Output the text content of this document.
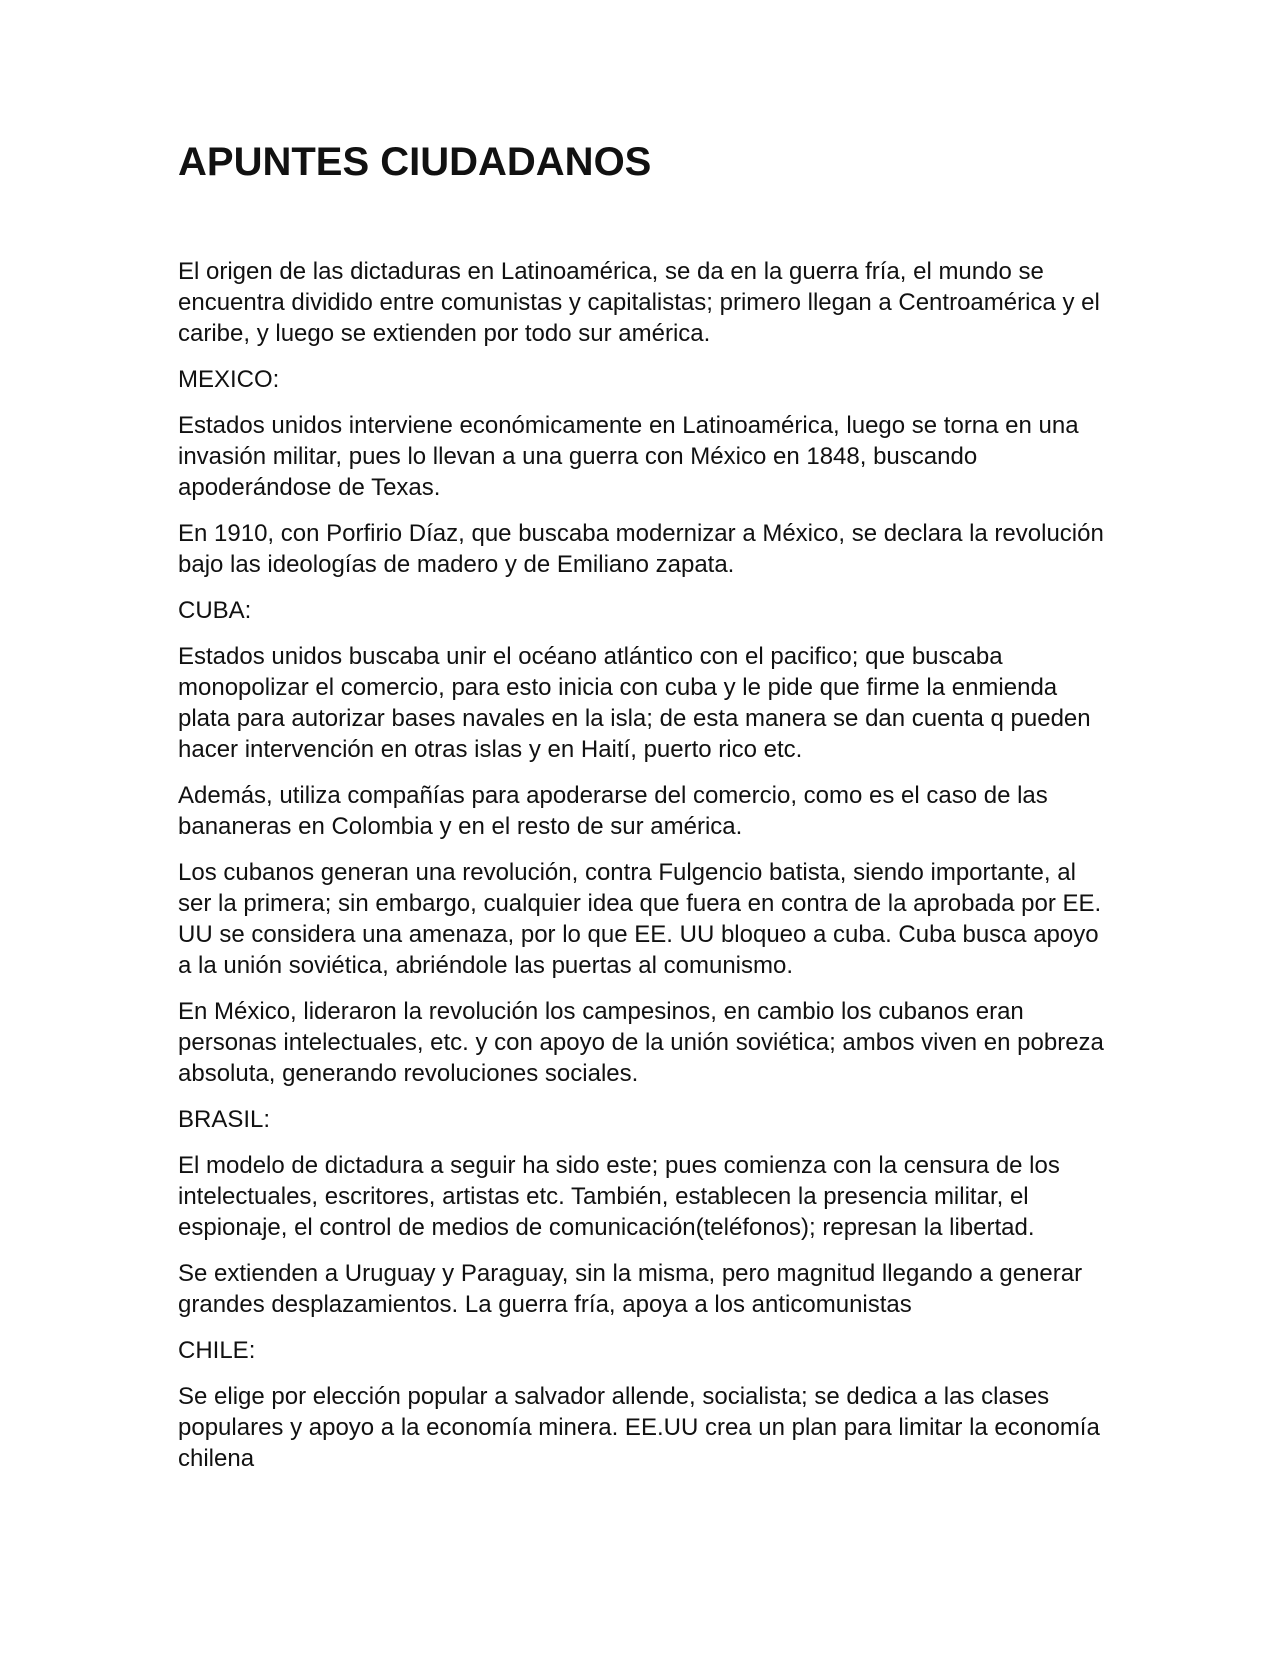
APUNTES CIUDADANOS

El origen de las dictaduras en Latinoamérica, se da en la guerra fría, el mundo se encuentra dividido entre comunistas y capitalistas; primero llegan a Centroamérica y el caribe, y luego se extienden por todo sur américa.

MEXICO:

Estados unidos interviene económicamente en Latinoamérica, luego se torna en una invasión militar, pues lo llevan a una guerra con México en 1848, buscando apoderándose de Texas.

En 1910, con Porfirio Díaz, que buscaba modernizar a México, se declara la revolución bajo las ideologías de madero y de Emiliano zapata.

CUBA:

Estados unidos buscaba unir el océano atlántico con el pacifico; que buscaba monopolizar el comercio, para esto inicia con cuba y le pide que firme la enmienda plata para autorizar bases navales en la isla; de esta manera se dan cuenta q pueden hacer intervención en otras islas y en Haití, puerto rico etc.

Además, utiliza compañías para apoderarse del comercio, como es el caso de las bananeras en Colombia y en el resto de sur américa.

Los cubanos generan una revolución, contra Fulgencio batista, siendo importante, al ser la primera; sin embargo, cualquier idea que fuera en contra de la aprobada por EE. UU se considera una amenaza, por lo que EE. UU bloqueo a cuba. Cuba busca apoyo a la unión soviética, abriéndole las puertas al comunismo.

En México, lideraron la revolución los campesinos, en cambio los cubanos eran personas intelectuales, etc. y con apoyo de la unión soviética; ambos viven en pobreza absoluta, generando revoluciones sociales.

BRASIL:

El modelo de dictadura a seguir ha sido este; pues comienza con la censura de los intelectuales, escritores, artistas etc. También, establecen la presencia militar, el espionaje, el control de medios de comunicación(teléfonos); represan la libertad.

Se extienden a Uruguay y Paraguay, sin la misma, pero magnitud llegando a generar grandes desplazamientos. La guerra fría, apoya a los anticomunistas

CHILE:

Se elige por elección popular a salvador allende, socialista; se dedica a las clases populares y apoyo a la economía minera. EE.UU crea un plan para limitar la economía chilena
